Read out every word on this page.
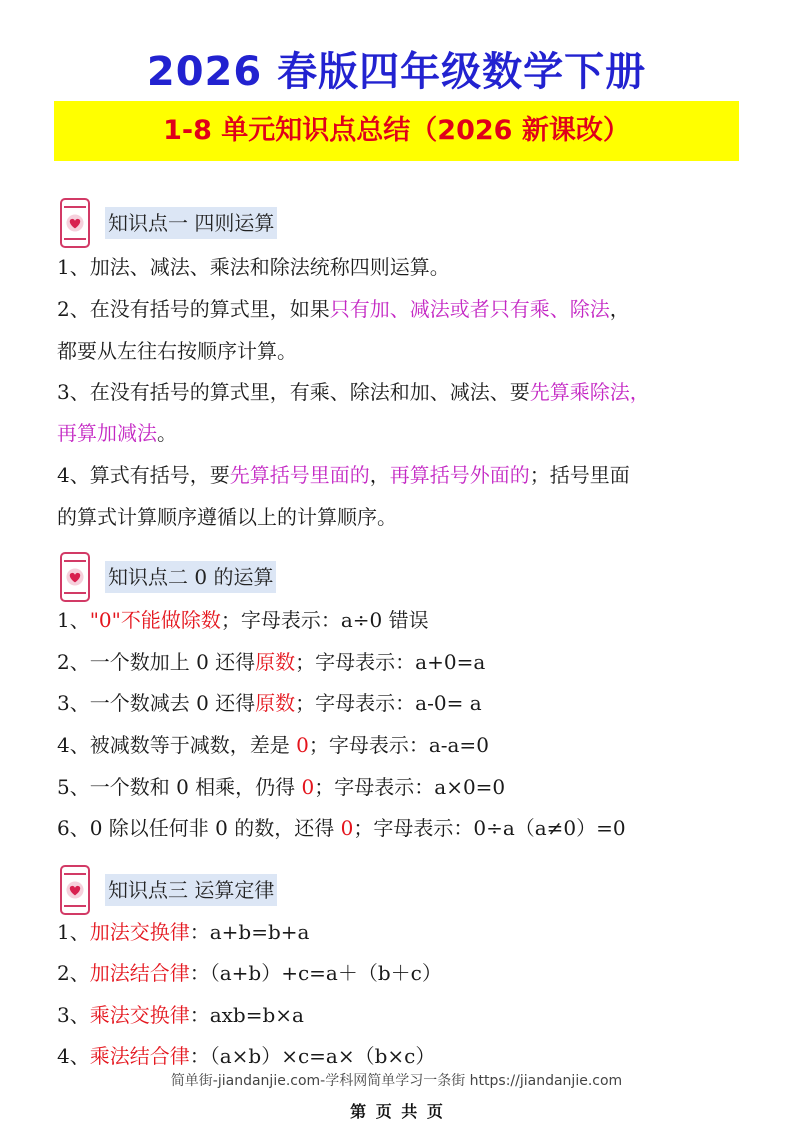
2026 春版四年级数学下册
1-8 单元知识点总结（2026 新课改）
知识点一 四则运算
1、加法、减法、乘法和除法统称四则运算。
2、在没有括号的算式里，如果只有加、减法或者只有乘、除法，
都要从左往右按顺序计算。
3、在没有括号的算式里，有乘、除法和加、减法、要先算乘除法，
再算加减法。
4、算式有括号，要先算括号里面的，再算括号外面的；括号里面
的算式计算顺序遵循以上的计算顺序。
知识点二 0 的运算
1、"0"不能做除数；字母表示：a÷0 错误
2、一个数加上 0 还得原数；字母表示：a+0=a
3、一个数减去 0 还得原数；字母表示：a-0= a
4、被减数等于减数，差是 0；字母表示：a-a=0
5、一个数和 0 相乘，仍得 0；字母表示：a×0=0
6、0 除以任何非 0 的数，还得 0；字母表示：0÷a（a≠0）=0
知识点三 运算定律
1、加法交换律：a+b=b+a
2、加法结合律：（a+b）+c=a＋（b＋c）
3、乘法交换律：axb=b×a
4、乘法结合律：（a×b）×c=a×（b×c）
简单街-jiandanjie.com-学科网简单学习一条街 https://jiandanjie.com
第 页 共 页
